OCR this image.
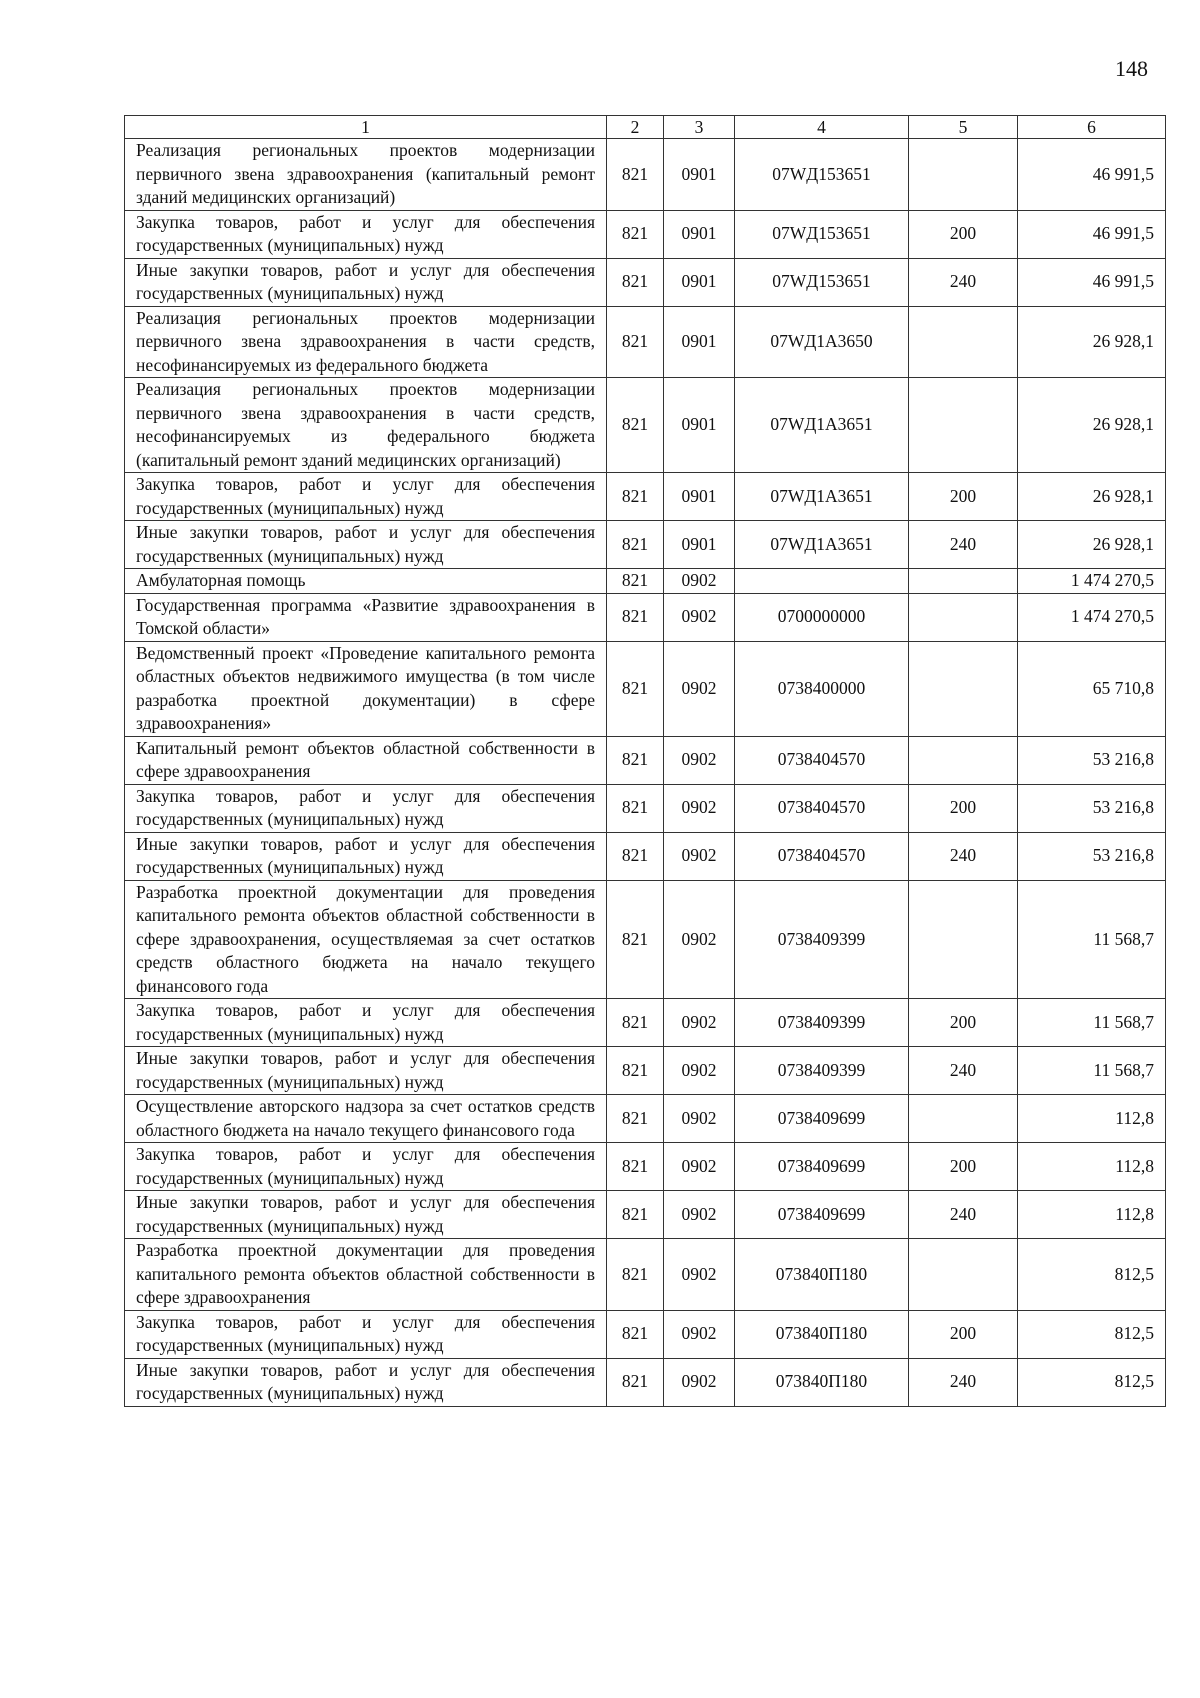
148
1	2	3	4	5	6
Реализация региональных проектов модернизации первичного звена здравоохранения (капитальный ремонт зданий медицинских организаций)	821	0901	07WД153651		46 991,5
Закупка товаров, работ и услуг для обеспечения государственных (муниципальных) нужд	821	0901	07WД153651	200	46 991,5
Иные закупки товаров, работ и услуг для обеспечения государственных (муниципальных) нужд	821	0901	07WД153651	240	46 991,5
Реализация региональных проектов модернизации первичного звена здравоохранения в части средств, несофинансируемых из федерального бюджета	821	0901	07WД1А3650		26 928,1
Реализация региональных проектов модернизации первичного звена здравоохранения в части средств, несофинансируемых из федерального бюджета (капитальный ремонт зданий медицинских организаций)	821	0901	07WД1А3651		26 928,1
Закупка товаров, работ и услуг для обеспечения государственных (муниципальных) нужд	821	0901	07WД1А3651	200	26 928,1
Иные закупки товаров, работ и услуг для обеспечения государственных (муниципальных) нужд	821	0901	07WД1А3651	240	26 928,1
Амбулаторная помощь	821	0902			1 474 270,5
Государственная программа «Развитие здравоохранения в Томской области»	821	0902	0700000000		1 474 270,5
Ведомственный проект «Проведение капитального ремонта областных объектов недвижимого имущества (в том числе разработка проектной документации) в сфере здравоохранения»	821	0902	0738400000		65 710,8
Капитальный ремонт объектов областной собственности в сфере здравоохранения	821	0902	0738404570		53 216,8
Закупка товаров, работ и услуг для обеспечения государственных (муниципальных) нужд	821	0902	0738404570	200	53 216,8
Иные закупки товаров, работ и услуг для обеспечения государственных (муниципальных) нужд	821	0902	0738404570	240	53 216,8
Разработка проектной документации для проведения капитального ремонта объектов областной собственности в сфере здравоохранения, осуществляемая за счет остатков средств областного бюджета на начало текущего финансового года	821	0902	0738409399		11 568,7
Закупка товаров, работ и услуг для обеспечения государственных (муниципальных) нужд	821	0902	0738409399	200	11 568,7
Иные закупки товаров, работ и услуг для обеспечения государственных (муниципальных) нужд	821	0902	0738409399	240	11 568,7
Осуществление авторского надзора за счет остатков средств областного бюджета на начало текущего финансового года	821	0902	0738409699		112,8
Закупка товаров, работ и услуг для обеспечения государственных (муниципальных) нужд	821	0902	0738409699	200	112,8
Иные закупки товаров, работ и услуг для обеспечения государственных (муниципальных) нужд	821	0902	0738409699	240	112,8
Разработка проектной документации для проведения капитального ремонта объектов областной собственности в сфере здравоохранения	821	0902	073840П180		812,5
Закупка товаров, работ и услуг для обеспечения государственных (муниципальных) нужд	821	0902	073840П180	200	812,5
Иные закупки товаров, работ и услуг для обеспечения государственных (муниципальных) нужд	821	0902	073840П180	240	812,5
